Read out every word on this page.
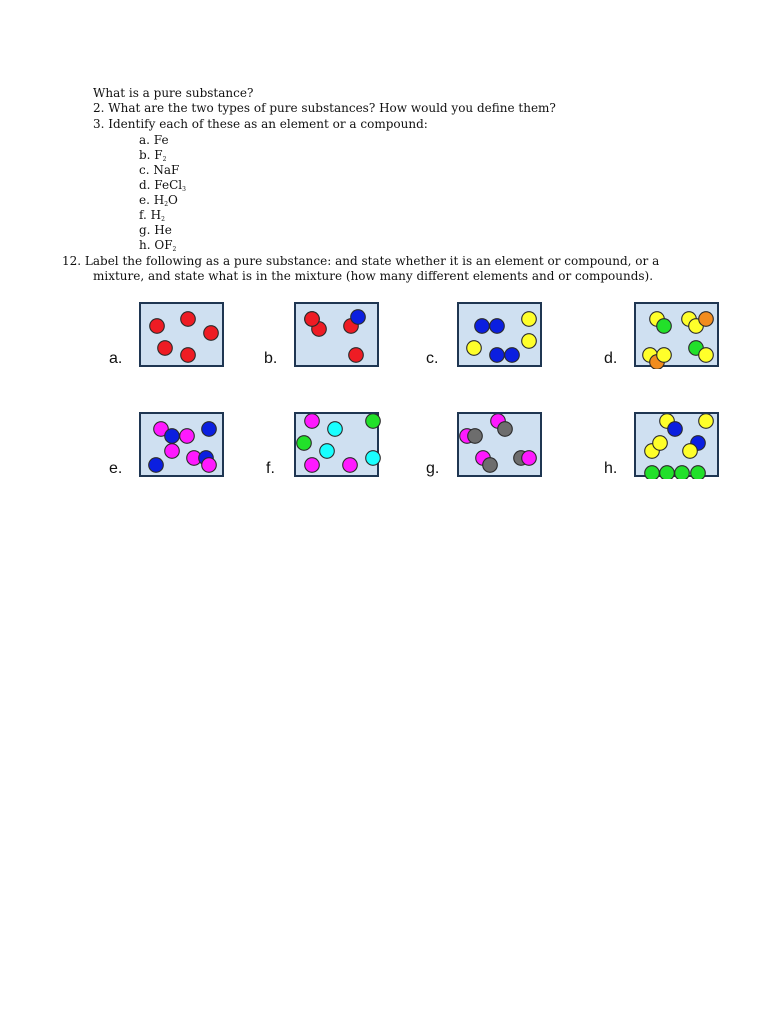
What is a pure substance?
2. What are the two types of pure substances? How would you define them?
3. Identify each of these as an element or a compound:
a. Fe
b. $F_2$
c. NaF
d. FeCl$_3$
e. $H_2O$
f. $H_2$
g. He
h. $OF_2$
12. Label the following as a pure substance: and state whether it is an element or compound, or a
mixture, and state what is in the mixture (how many different elements and or compounds).
a.	b.	c.	d.
e.	f.	g.	h.
